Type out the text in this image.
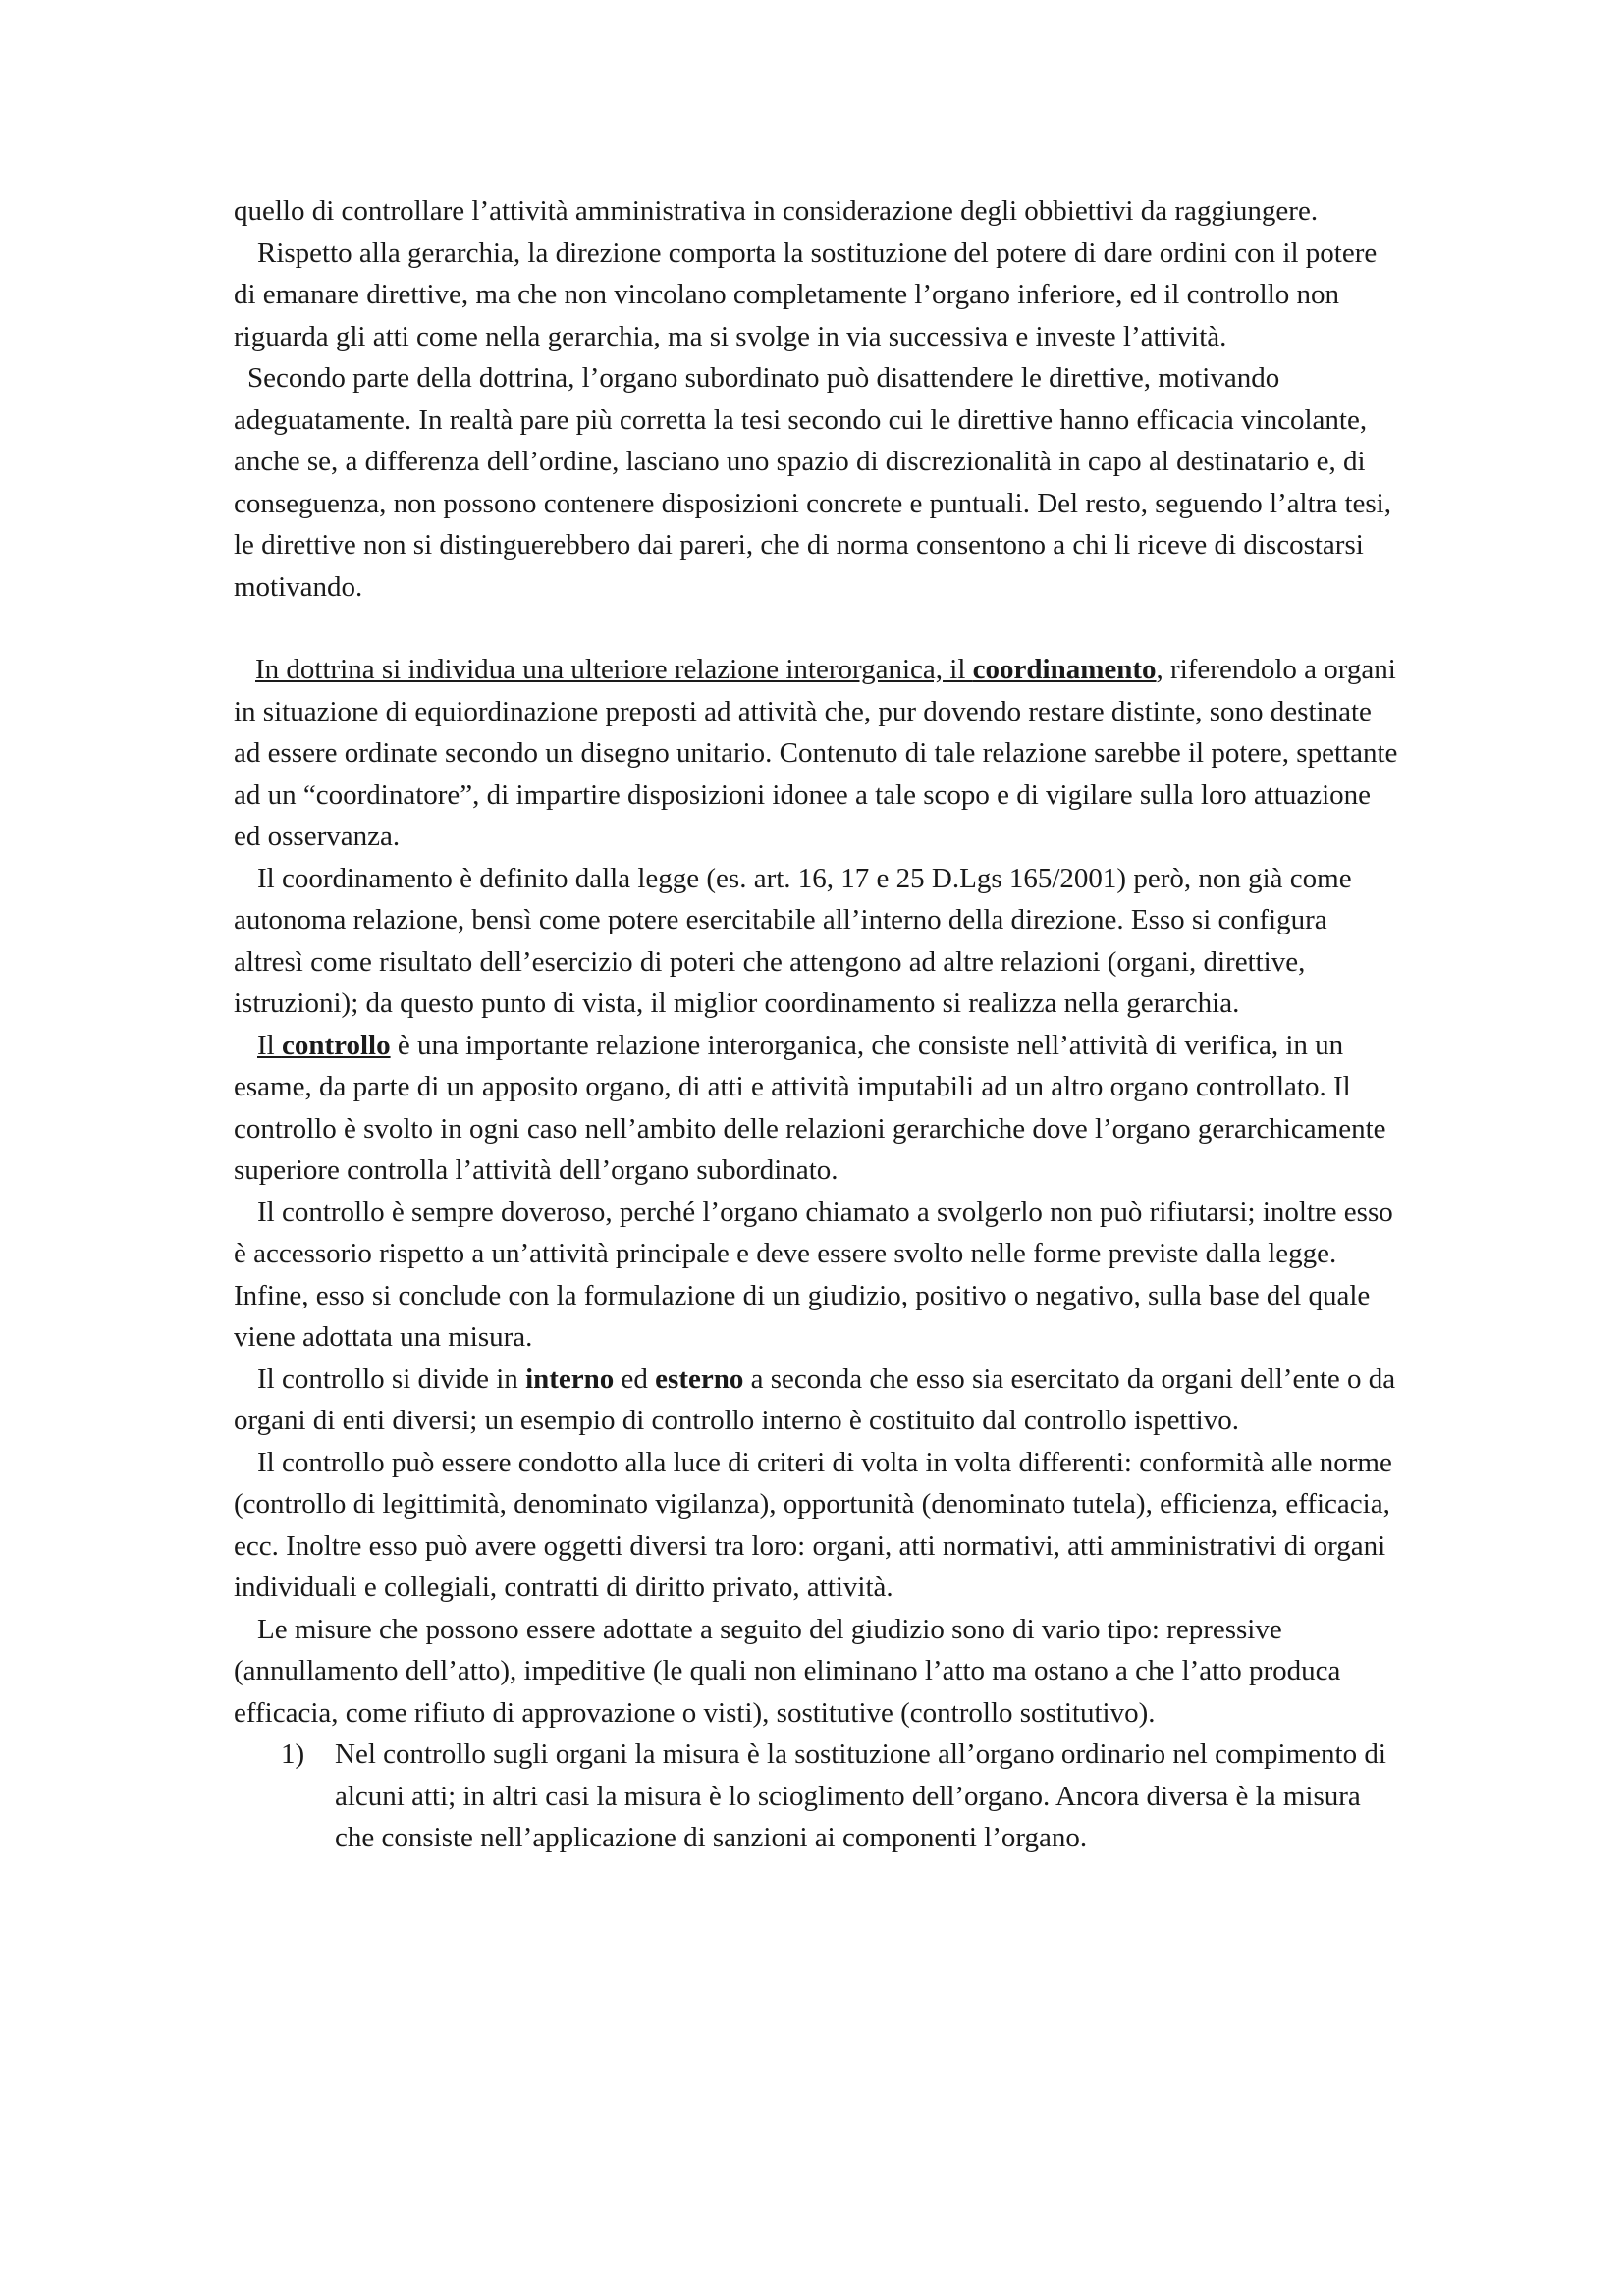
quello di controllare l’attività amministrativa in considerazione degli obbiettivi da raggiungere.

Rispetto alla gerarchia, la direzione comporta la sostituzione del potere di dare ordini con il potere di emanare direttive, ma che non vincolano completamente l’organo inferiore, ed il controllo non riguarda gli atti come nella gerarchia, ma si svolge in via successiva e investe l’attività.

Secondo parte della dottrina, l’organo subordinato può disattendere le direttive, motivando adeguatamente. In realtà pare più corretta la tesi secondo cui le direttive hanno efficacia vincolante, anche se, a differenza dell’ordine, lasciano uno spazio di discrezionalità in capo al destinatario e, di conseguenza, non possono contenere disposizioni concrete e puntuali. Del resto, seguendo l’altra tesi, le direttive non si distinguerebbero dai pareri, che di norma consentono a chi li riceve di discostarsi motivando.

In dottrina si individua una ulteriore relazione interorganica, il coordinamento, riferendolo a organi in situazione di equiordinazione preposti ad attività che, pur dovendo restare distinte, sono destinate ad essere ordinate secondo un disegno unitario. Contenuto di tale relazione sarebbe il potere, spettante ad un “coordinatore”, di impartire disposizioni idonee a tale scopo e di vigilare sulla loro attuazione ed osservanza.

Il coordinamento è definito dalla legge (es. art. 16, 17 e 25 D.Lgs 165/2001) però, non già come autonoma relazione, bensì come potere esercitabile all’interno della direzione. Esso si configura altresì come risultato dell’esercizio di poteri che attengono ad altre relazioni (organi, direttive, istruzioni); da questo punto di vista, il miglior coordinamento si realizza nella gerarchia.

Il controllo è una importante relazione interorganica, che consiste nell’attività di verifica, in un esame, da parte di un apposito organo, di atti e attività imputabili ad un altro organo controllato. Il controllo è svolto in ogni caso nell’ambito delle relazioni gerarchiche dove l’organo gerarchicamente superiore controlla l’attività dell’organo subordinato.

Il controllo è sempre doveroso, perché l’organo chiamato a svolgerlo non può rifiutarsi; inoltre esso è accessorio rispetto a un’attività principale e deve essere svolto nelle forme previste dalla legge. Infine, esso si conclude con la formulazione di un giudizio, positivo o negativo, sulla base del quale viene adottata una misura.

Il controllo si divide in interno ed esterno a seconda che esso sia esercitato da organi dell’ente o da organi di enti diversi; un esempio di controllo interno è costituito dal controllo ispettivo.

Il controllo può essere condotto alla luce di criteri di volta in volta differenti: conformità alle norme (controllo di legittimità, denominato vigilanza), opportunità (denominato tutela), efficienza, efficacia, ecc. Inoltre esso può avere oggetti diversi tra loro: organi, atti normativi, atti amministrativi di organi individuali e collegiali, contratti di diritto privato, attività.

Le misure che possono essere adottate a seguito del giudizio sono di vario tipo: repressive (annullamento dell’atto), impeditive (le quali non eliminano l’atto ma ostano a che l’atto produca efficacia, come rifiuto di approvazione o visti), sostitutive (controllo sostitutivo).

1) Nel controllo sugli organi la misura è la sostituzione all’organo ordinario nel compimento di alcuni atti; in altri casi la misura è lo scioglimento dell’organo. Ancora diversa è la misura che consiste nell’applicazione di sanzioni ai componenti l’organo.
